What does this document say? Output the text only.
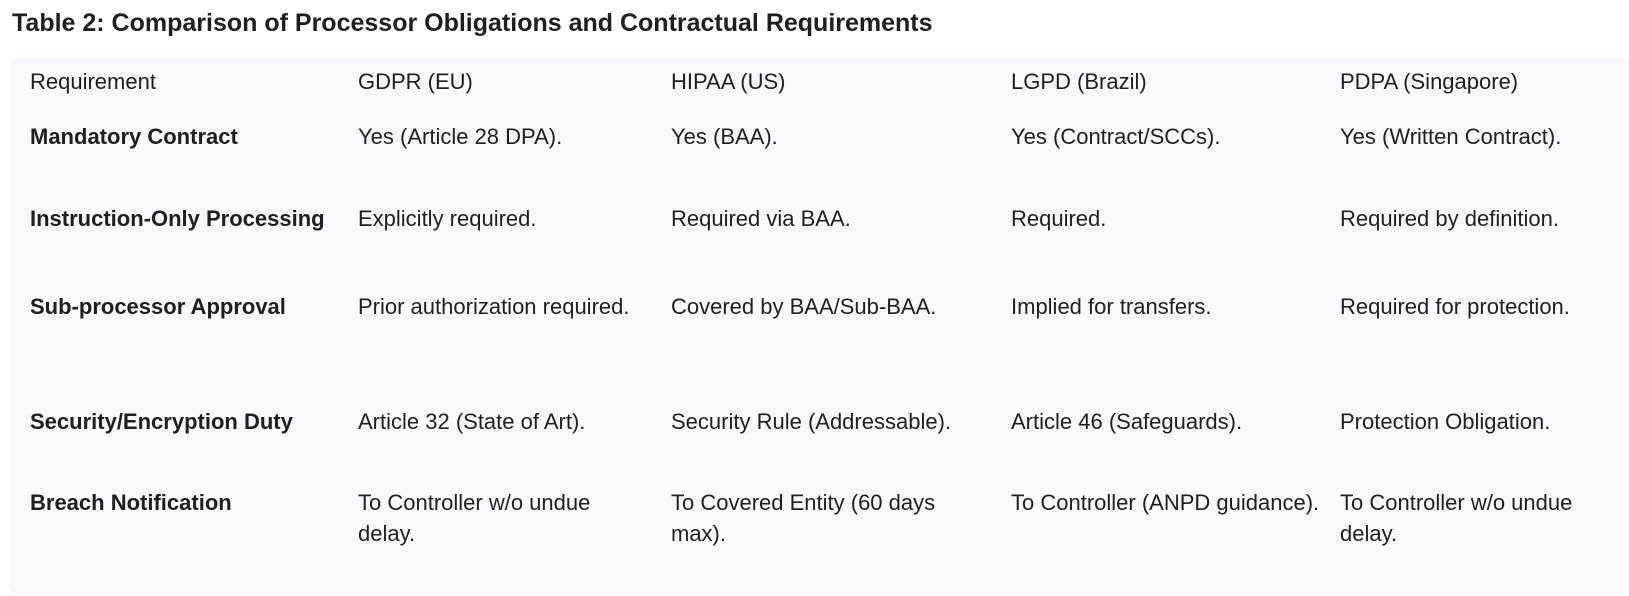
Table 2: Comparison of Processor Obligations and Contractual Requirements
Requirement	GDPR (EU)	HIPAA (US)	LGPD (Brazil)	PDPA (Singapore)

Mandatory Contract	Yes (Article 28 DPA).	Yes (BAA).	Yes (Contract/SCCs).	Yes (Written Contract).

Instruction-Only Processing	Explicitly required.	Required via BAA.	Required.	Required by definition.

Sub-processor Approval	Prior authorization required.	Covered by BAA/Sub-BAA.	Implied for transfers.	Required for protection.

Security/Encryption Duty	Article 32 (State of Art).	Security Rule (Addressable).	Article 46 (Safeguards).	Protection Obligation.

Breach Notification	To Controller w/o undue delay.	To Covered Entity (60 days max).	To Controller (ANPD guidance).	To Controller w/o undue delay.
